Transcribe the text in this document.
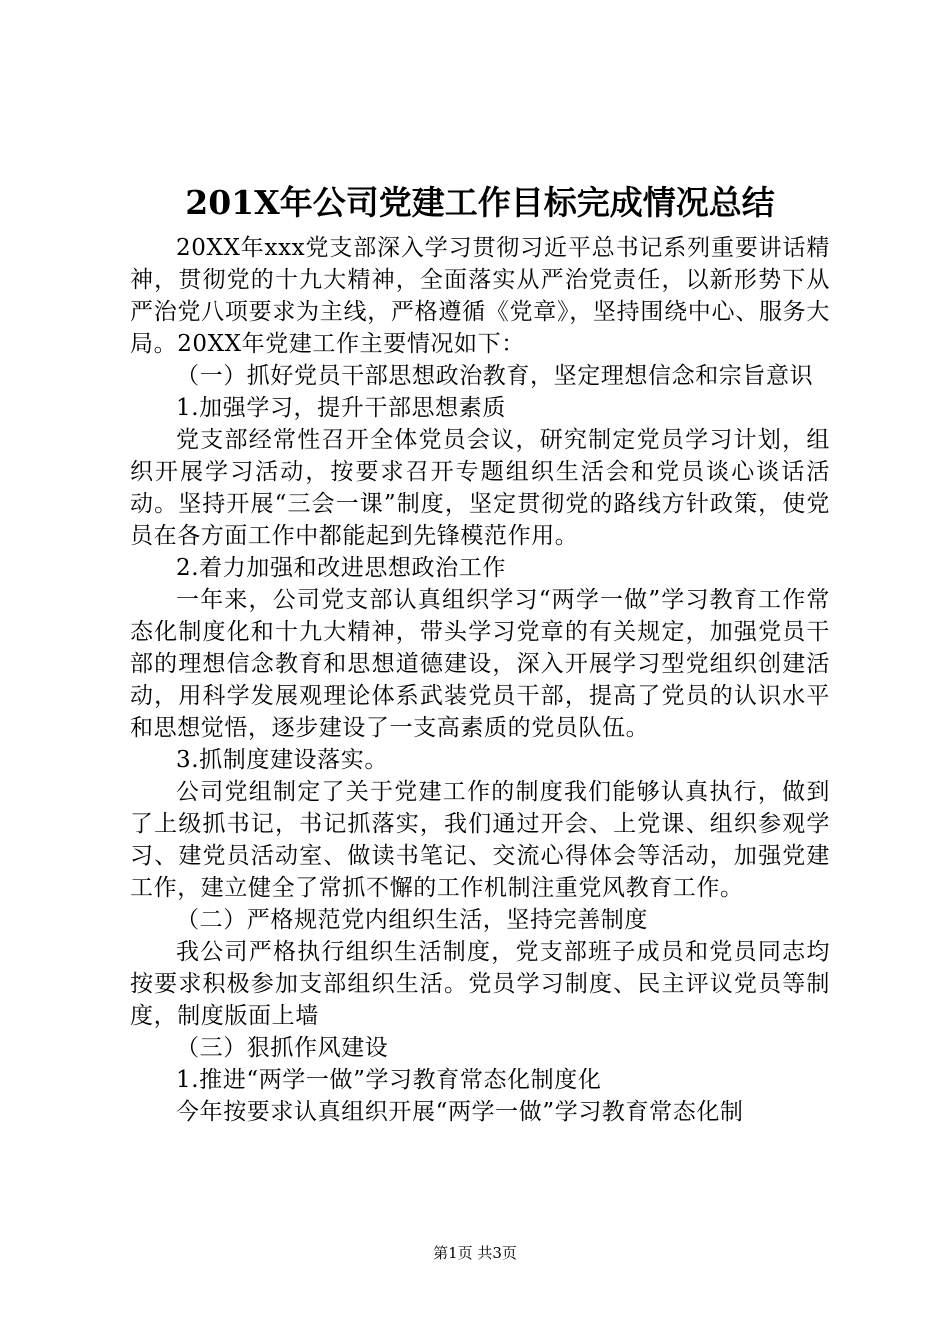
201X年公司党建工作目标完成情况总结

20XX年xxx党支部深入学习贯彻习近平总书记系列重要讲话精神，贯彻党的十九大精神，全面落实从严治党责任，以新形势下从严治党八项要求为主线，严格遵循《党章》，坚持围绕中心、服务大局。20XX年党建工作主要情况如下：

（一）抓好党员干部思想政治教育，坚定理想信念和宗旨意识

1.加强学习，提升干部思想素质

党支部经常性召开全体党员会议，研究制定党员学习计划，组织开展学习活动，按要求召开专题组织生活会和党员谈心谈话活动。坚持开展“三会一课”制度，坚定贯彻党的路线方针政策，使党员在各方面工作中都能起到先锋模范作用。

2.着力加强和改进思想政治工作

一年来，公司党支部认真组织学习“两学一做”学习教育工作常态化制度化和十九大精神，带头学习党章的有关规定，加强党员干部的理想信念教育和思想道德建设，深入开展学习型党组织创建活动，用科学发展观理论体系武装党员干部，提高了党员的认识水平和思想觉悟，逐步建设了一支高素质的党员队伍。

3.抓制度建设落实。

公司党组制定了关于党建工作的制度我们能够认真执行，做到了上级抓书记，书记抓落实，我们通过开会、上党课、组织参观学习、建党员活动室、做读书笔记、交流心得体会等活动，加强党建工作，建立健全了常抓不懈的工作机制注重党风教育工作。

（二）严格规范党内组织生活，坚持完善制度

我公司严格执行组织生活制度，党支部班子成员和党员同志均按要求积极参加支部组织生活。党员学习制度、民主评议党员等制度，制度版面上墙

（三）狠抓作风建设

1.推进“两学一做”学习教育常态化制度化

今年按要求认真组织开展“两学一做”学习教育常态化制

第1页 共3页
